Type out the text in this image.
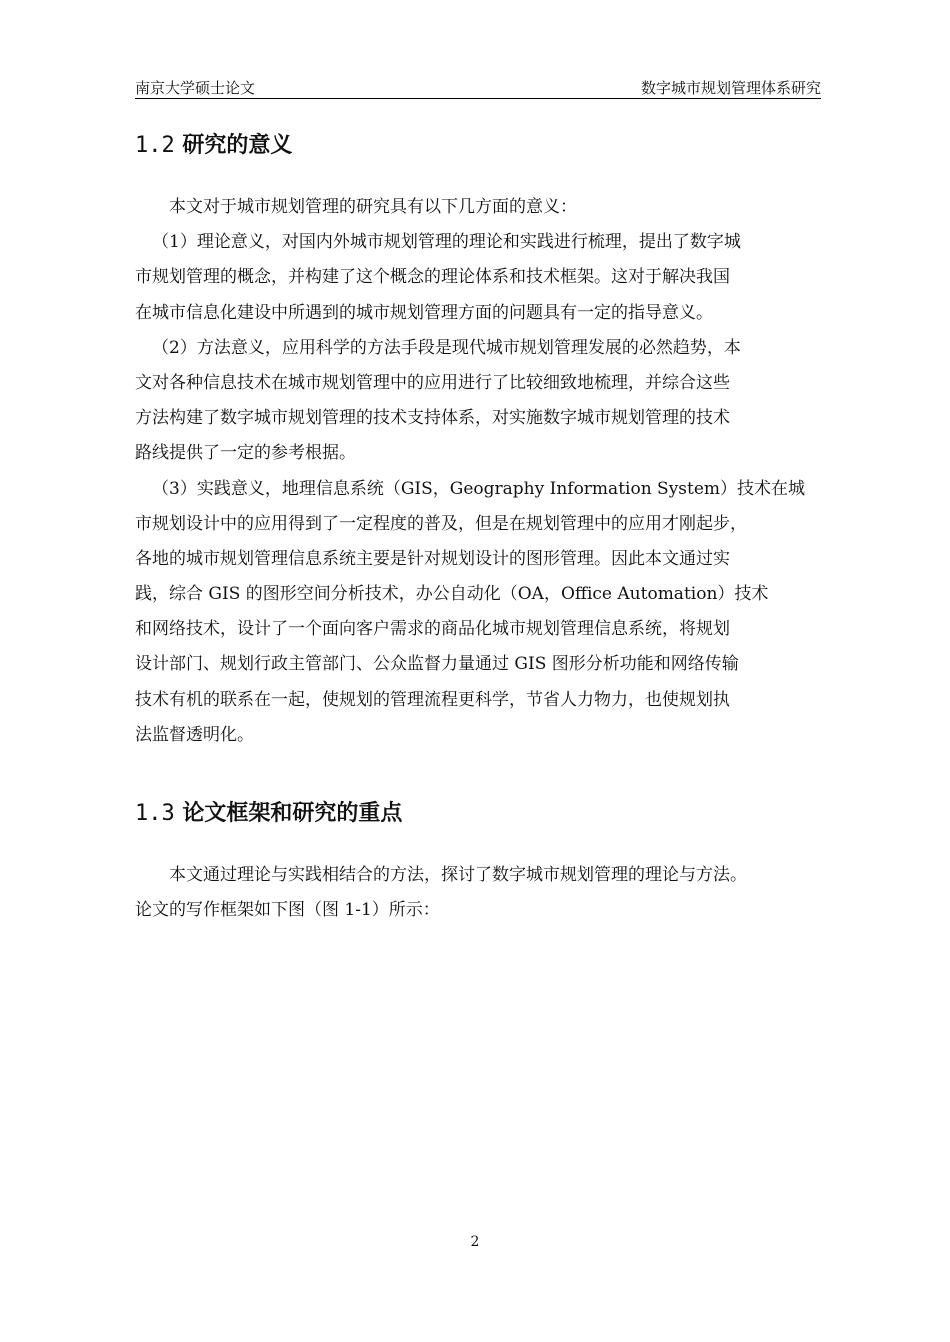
南京大学硕士论文	数字城市规划管理体系研究
1.2 研究的意义
本文对于城市规划管理的研究具有以下几方面的意义：
（1）理论意义，对国内外城市规划管理的理论和实践进行梳理，提出了数字城
市规划管理的概念，并构建了这个概念的理论体系和技术框架。这对于解决我国
在城市信息化建设中所遇到的城市规划管理方面的问题具有一定的指导意义。
（2）方法意义，应用科学的方法手段是现代城市规划管理发展的必然趋势，本
文对各种信息技术在城市规划管理中的应用进行了比较细致地梳理，并综合这些
方法构建了数字城市规划管理的技术支持体系，对实施数字城市规划管理的技术
路线提供了一定的参考根据。
（3）实践意义，地理信息系统（GIS，Geography Information System）技术在城
市规划设计中的应用得到了一定程度的普及，但是在规划管理中的应用才刚起步，
各地的城市规划管理信息系统主要是针对规划设计的图形管理。因此本文通过实
践，综合 GIS 的图形空间分析技术，办公自动化（OA，Office Automation）技术
和网络技术，设计了一个面向客户需求的商品化城市规划管理信息系统，将规划
设计部门、规划行政主管部门、公众监督力量通过 GIS 图形分析功能和网络传输
技术有机的联系在一起，使规划的管理流程更科学，节省人力物力，也使规划执
法监督透明化。
1.3 论文框架和研究的重点
本文通过理论与实践相结合的方法，探讨了数字城市规划管理的理论与方法。
论文的写作框架如下图（图 1-1）所示：
2
